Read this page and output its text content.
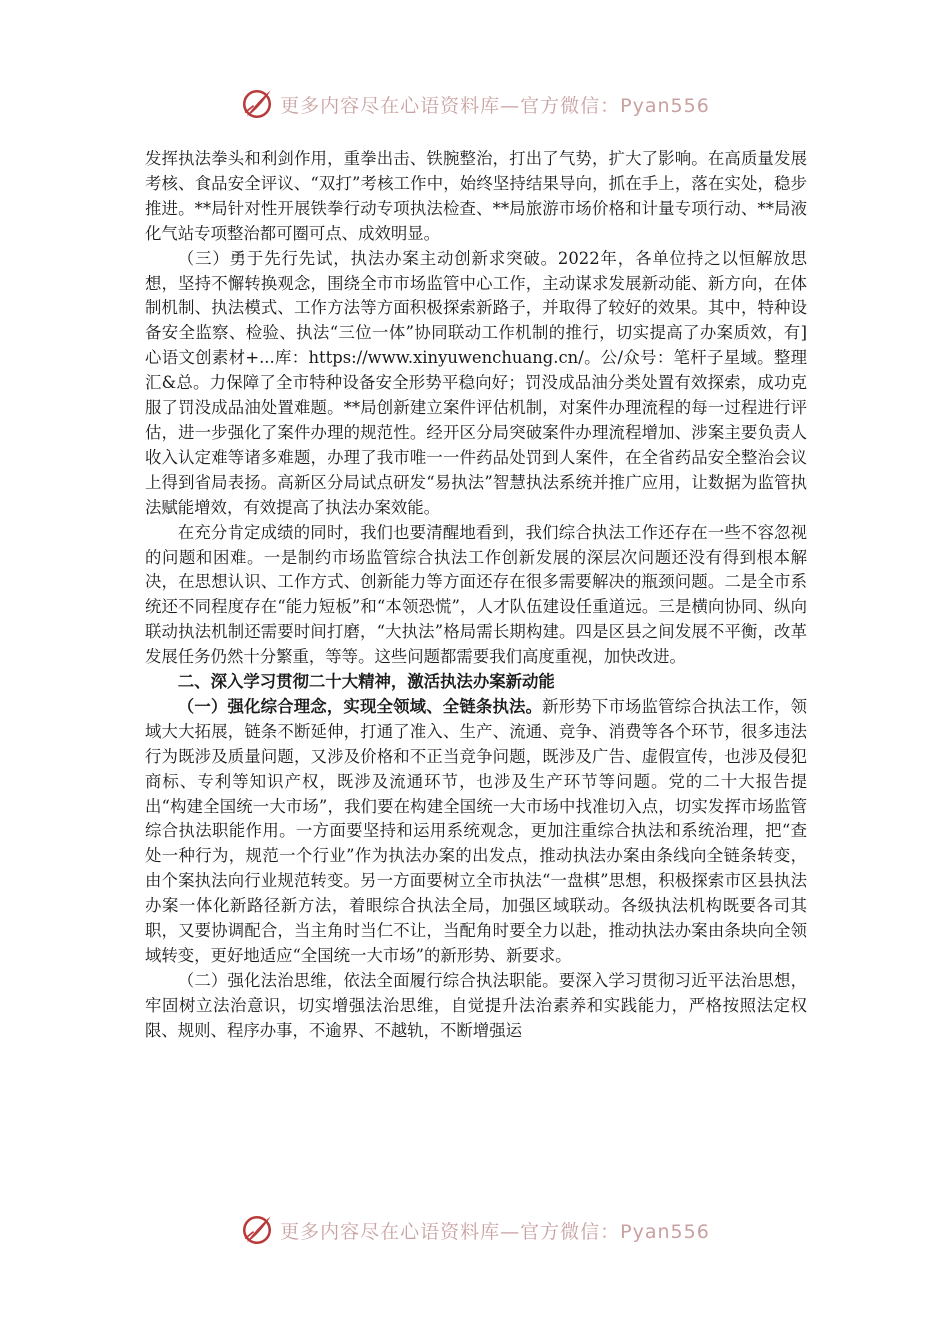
更多内容尽在心语资料库—官方微信：Pyan556

发挥执法拳头和利剑作用，重拳出击、铁腕整治，打出了气势，扩大了影响。在高质量发展考核、食品安全评议、“双打”考核工作中，始终坚持结果导向，抓在手上，落在实处，稳步推进。**局针对性开展铁拳行动专项执法检查、**局旅游市场价格和计量专项行动、**局液化气站专项整治都可圈可点、成效明显。

（三）勇于先行先试，执法办案主动创新求突破。2022年，各单位持之以恒解放思想，坚持不懈转换观念，围绕全市市场监管中心工作，主动谋求发展新动能、新方向，在体制机制、执法模式、工作方法等方面积极探索新路子，并取得了较好的效果。其中，特种设备安全监察、检验、执法“三位一体”协同联动工作机制的推行，切实提高了办案质效，有]心语文创素材+...库：https://www.xinyuwenchuang.cn/。公/众号：笔杆子星域。整理汇&总。力保障了全市特种设备安全形势平稳向好；罚没成品油分类处置有效探索，成功克服了罚没成品油处置难题。**局创新建立案件评估机制，对案件办理流程的每一过程进行评估，进一步强化了案件办理的规范性。经开区分局突破案件办理流程增加、涉案主要负责人收入认定难等诸多难题，办理了我市唯一一件药品处罚到人案件，在全省药品安全整治会议上得到省局表扬。高新区分局试点研发“易执法”智慧执法系统并推广应用，让数据为监管执法赋能增效，有效提高了执法办案效能。

在充分肯定成绩的同时，我们也要清醒地看到，我们综合执法工作还存在一些不容忽视的问题和困难。一是制约市场监管综合执法工作创新发展的深层次问题还没有得到根本解决，在思想认识、工作方式、创新能力等方面还存在很多需要解决的瓶颈问题。二是全市系统还不同程度存在“能力短板”和“本领恐慌”，人才队伍建设任重道远。三是横向协同、纵向联动执法机制还需要时间打磨，“大执法”格局需长期构建。四是区县之间发展不平衡，改革发展任务仍然十分繁重，等等。这些问题都需要我们高度重视，加快改进。

二、深入学习贯彻二十大精神，激活执法办案新动能

（一）强化综合理念，实现全领域、全链条执法。新形势下市场监管综合执法工作，领域大大拓展，链条不断延伸，打通了准入、生产、流通、竞争、消费等各个环节，很多违法行为既涉及质量问题，又涉及价格和不正当竞争问题，既涉及广告、虚假宣传，也涉及侵犯商标、专利等知识产权，既涉及流通环节，也涉及生产环节等问题。党的二十大报告提出“构建全国统一大市场”，我们要在构建全国统一大市场中找准切入点，切实发挥市场监管综合执法职能作用。一方面要坚持和运用系统观念，更加注重综合执法和系统治理，把“查处一种行为，规范一个行业”作为执法办案的出发点，推动执法办案由条线向全链条转变，由个案执法向行业规范转变。另一方面要树立全市执法“一盘棋”思想，积极探索市区县执法办案一体化新路径新方法，着眼综合执法全局，加强区域联动。各级执法机构既要各司其职，又要协调配合，当主角时当仁不让，当配角时要全力以赴，推动执法办案由条块向全领域转变，更好地适应“全国统一大市场”的新形势、新要求。

（二）强化法治思维，依法全面履行综合执法职能。要深入学习贯彻习近平法治思想，牢固树立法治意识，切实增强法治思维，自觉提升法治素养和实践能力，严格按照法定权限、规则、程序办事，不逾界、不越轨，不断增强运

更多内容尽在心语资料库—官方微信：Pyan556
